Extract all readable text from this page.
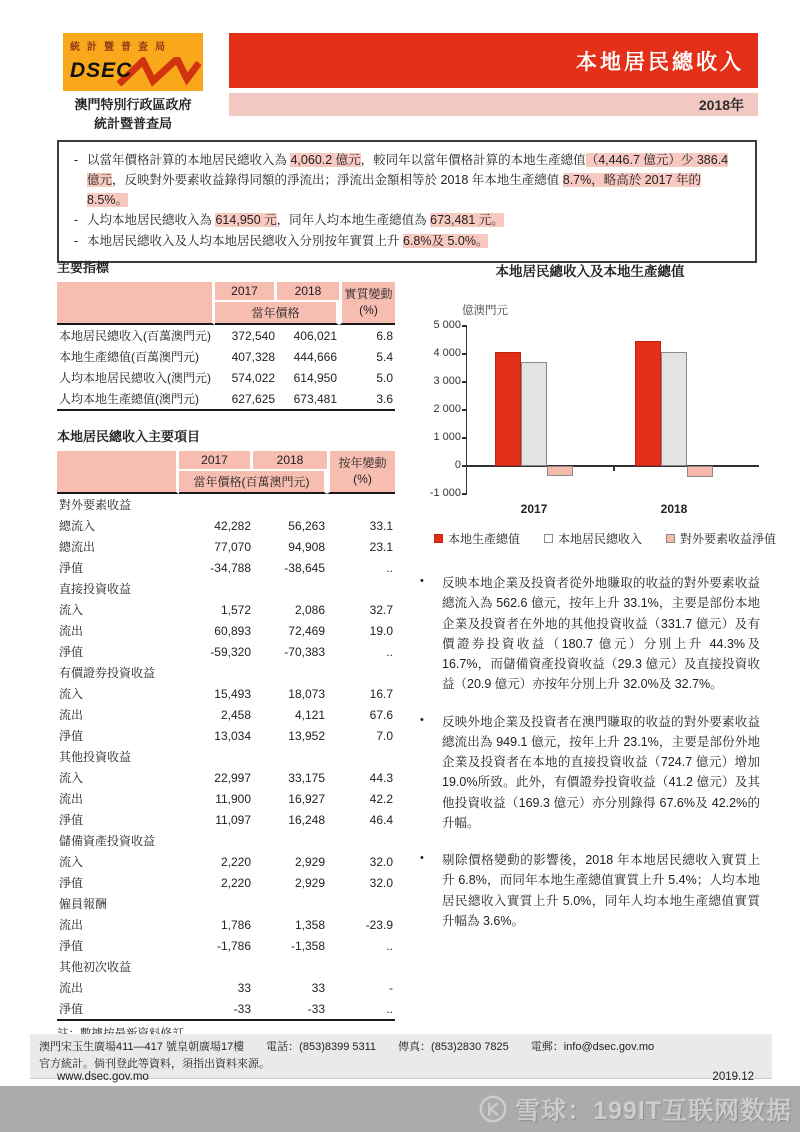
統計暨普查局
DSEC
澳門特別行政區政府
統計暨普查局
本地居民總收入
2018年
- 以當年價格計算的本地居民總收入為 4,060.2 億元，較同年以當年價格計算的本地生產總值（4,446.7 億元）少 386.4 億元，反映對外要素收益錄得同額的淨流出；淨流出金額相等於 2018 年本地生產總值 8.7%，略高於 2017 年的 8.5%。
- 人均本地居民總收入為 614,950 元，同年人均本地生產總值為 673,481 元。
- 本地居民總收入及人均本地居民總收入分別按年實質上升 6.8%及 5.0%。
主要指標
	2017	2018	實質變動
(%)

	當年價格		
本地居民總收入(百萬澳門元)	372,540	406,021	6.8
本地生產總值(百萬澳門元)	407,328	444,666	5.4
人均本地居民總收入(澳門元)	574,022	614,950	5.0
人均本地生產總值(澳門元)	627,625	673,481	3.6
本地居民總收入主要項目
	2017	2018	按年變動
(%)

	當年價格(百萬澳門元)		
對外要素收益			
總流入	42,282	56,263	33.1
總流出	77,070	94,908	23.1
淨值	-34,788	-38,645	..
直接投資收益			
流入	1,572	2,086	32.7
流出	60,893	72,469	19.0
淨值	-59,320	-70,383	..
有價證券投資收益			
流入	15,493	18,073	16.7
流出	2,458	4,121	67.6
淨值	13,034	13,952	7.0
其他投資收益			
流入	22,997	33,175	44.3
流出	11,900	16,927	42.2
淨值	11,097	16,248	46.4
儲備資產投資收益			
流入	2,220	2,929	32.0
淨值	2,220	2,929	32.0
僱員報酬			
流出	1,786	1,358	-23.9
淨值	-1,786	-1,358	..
其他初次收益			
流出	33	33	-
淨值	-33	-33	..
本地居民總收入及本地生產總值
億澳門元
5 000
4 000
3 000
2 000
1 000
0
-1 000
2017	2018
本地生產總值	本地居民總收入	對外要素收益淨值
•	反映本地企業及投資者從外地賺取的收益的對外要素收益總流入為 562.6 億元，按年上升 33.1%，主要是部份本地企業及投資者在外地的其他投資收益（331.7 億元）及有價證券投資收益（180.7 億元）分別上升 44.3%及 16.7%，而儲備資產投資收益（29.3 億元）及直接投資收益（20.9 億元）亦按年分別上升 32.0%及 32.7%。
•	反映外地企業及投資者在澳門賺取的收益的對外要素收益總流出為 949.1 億元，按年上升 23.1%，主要是部份外地企業及投資者在本地的直接投資收益（724.7 億元）增加 19.0%所致。此外，有價證券投資收益（41.2 億元）及其他投資收益（169.3 億元）亦分別錄得 67.6%及 42.2%的升幅。
•	剔除價格變動的影響後，2018 年本地居民總收入實質上升 6.8%，而同年本地生產總值實質上升 5.4%；人均本地居民總收入實質上升 5.0%，同年人均本地生產總值實質升幅為 3.6%。
澳門宋玉生廣場411—417 號皇朝廣場17樓　　電話：(853)8399 5311　　傳真：(853)2830 7825　　電郵：info@dsec.gov.mo
官方統計。倘刊登此等資料，須指出資料來源。
www.dsec.gov.mo	2019.12
雪球：199IT互联网数据
